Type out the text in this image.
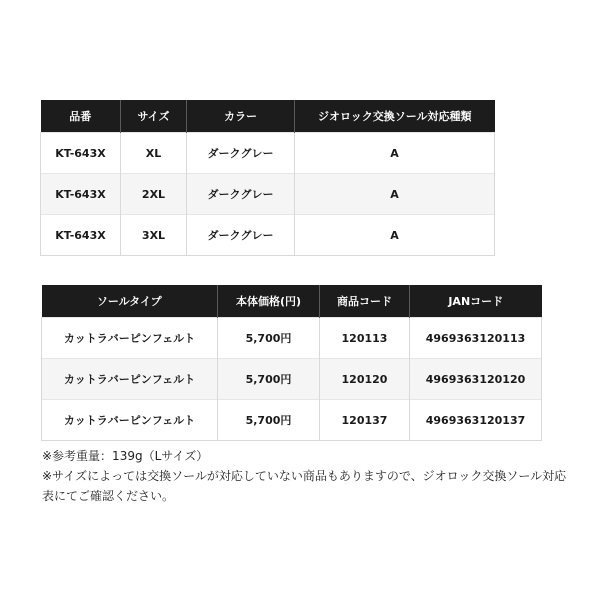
品番	サイズ	カラー	ジオロック交換ソール対応種類
KT-643X	XL	ダークグレー	A
KT-643X	2XL	ダークグレー	A
KT-643X	3XL	ダークグレー	A
ソールタイプ	本体価格(円)	商品コード	JANコード
カットラバーピンフェルト	5,700円	120113	4969363120113
カットラバーピンフェルト	5,700円	120120	4969363120120
カットラバーピンフェルト	5,700円	120137	4969363120137

※参考重量：139g（Lサイズ）

※サイズによっては交換ソールが対応していない商品もありますので、ジオロック交換ソール対応表にてご確認ください。
